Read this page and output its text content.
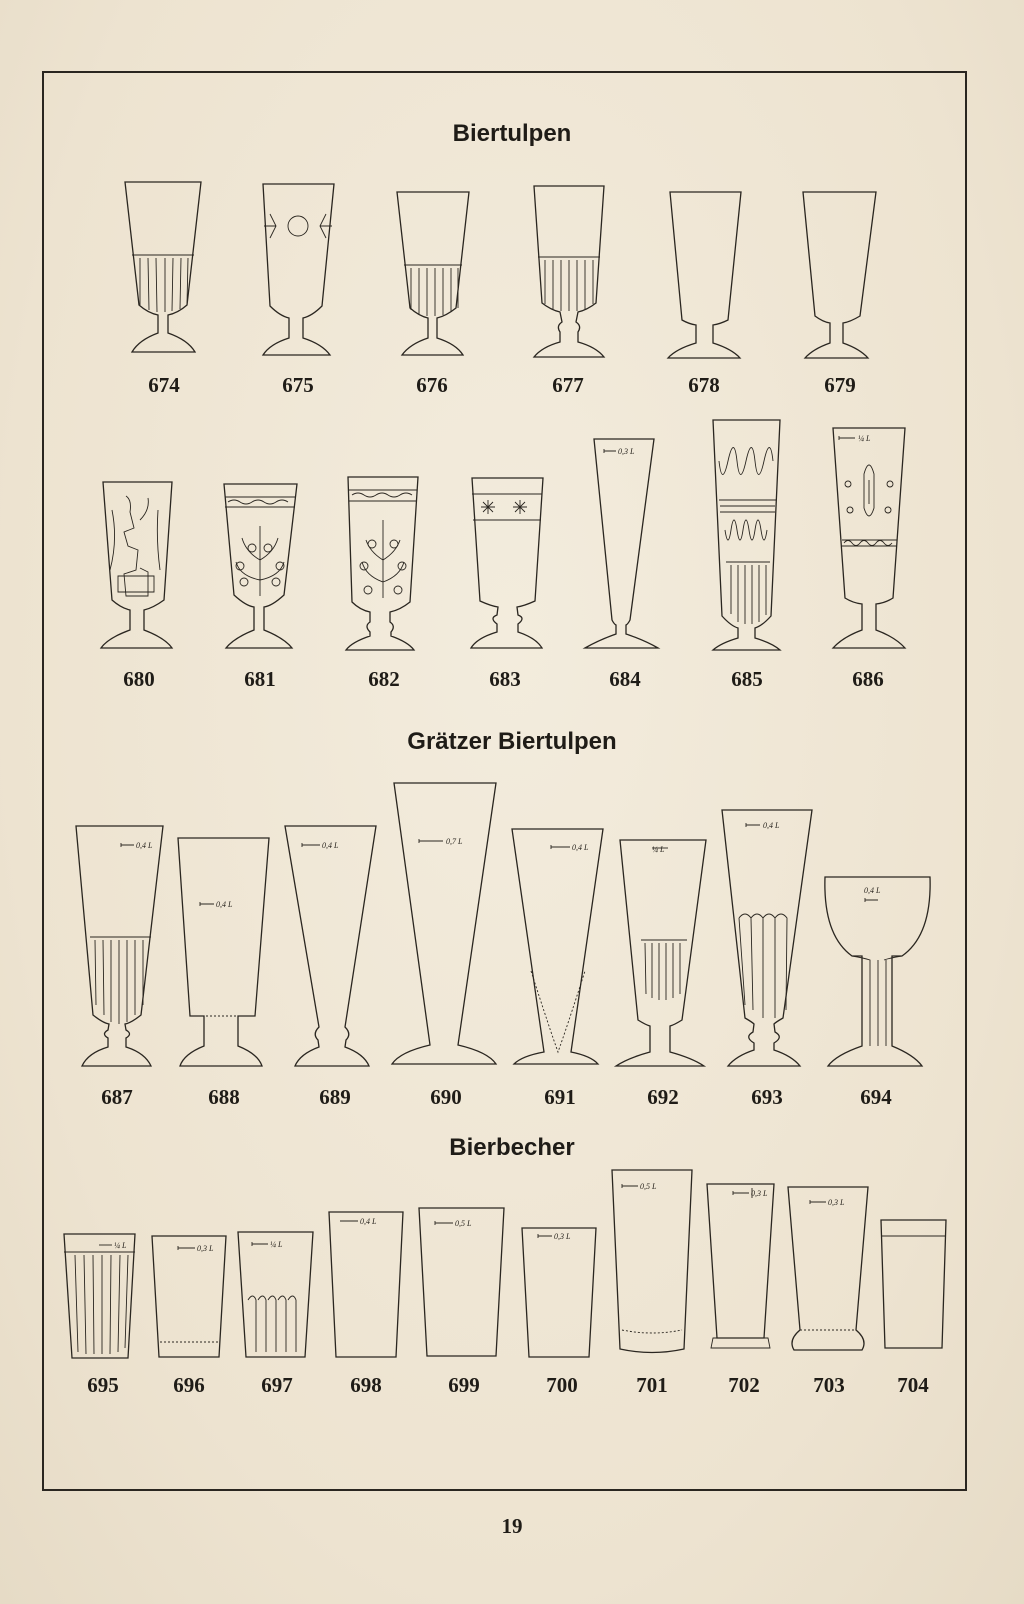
Biertulpen
Grätzer Biertulpen
Bierbecher
0,3 L
¼ L
0,4 L
0,4 L
0,4 L	0,7 L
0,4 L	¼ L
0,4 L
0,4 L
¼ L	0,3 L	¼ L
0,4 L	0,5 L
0,3 L
0,5 L
0,3 L
0,3 L
674	675	676	677	678	679
680	681	682	683	684	685	686
687	688	689	690	691	692	693	694
695	696	697	698	699	700	701	702	703	704
19
